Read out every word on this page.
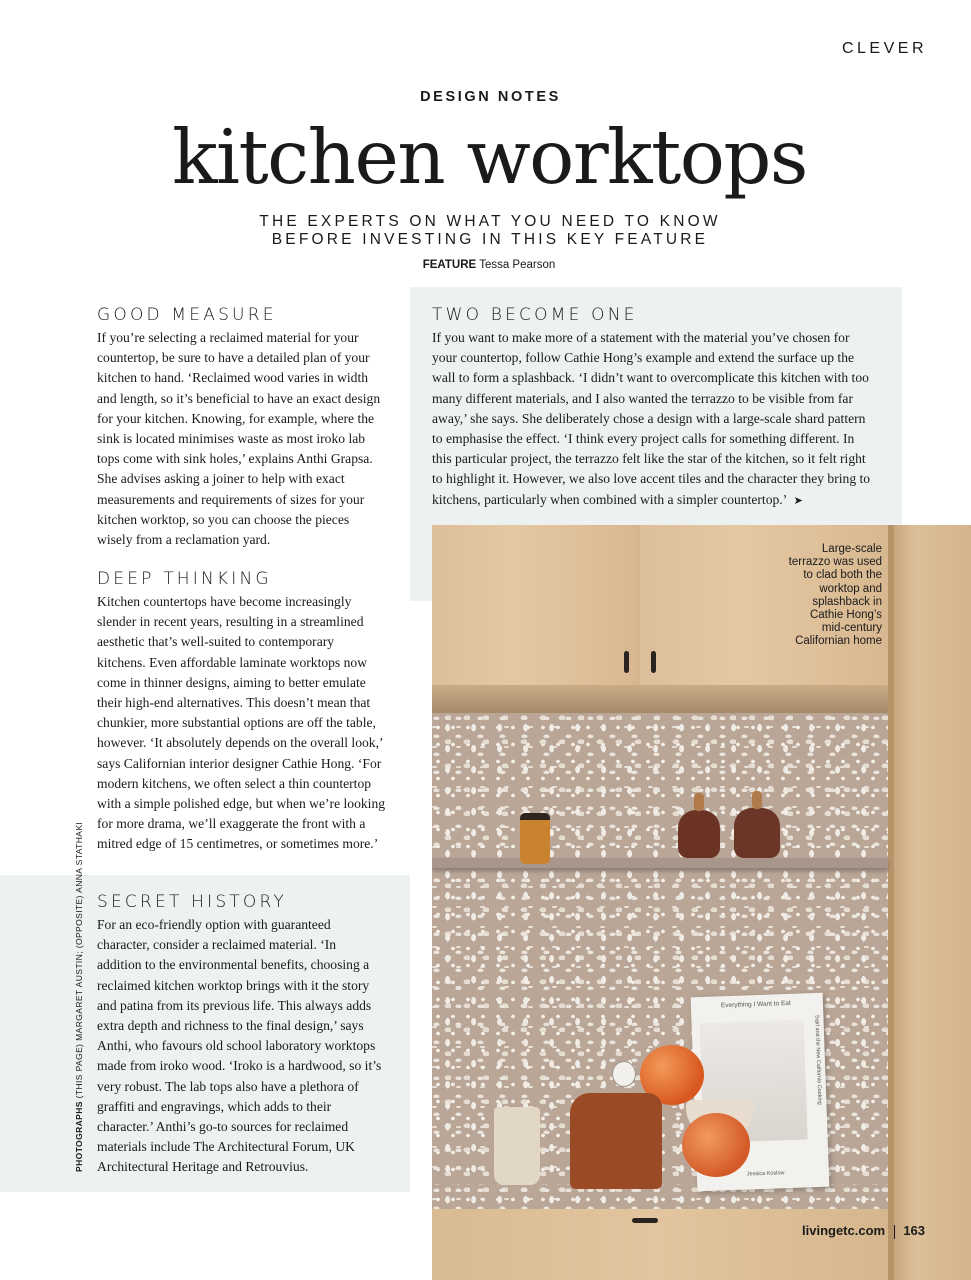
CLEVER
DESIGN NOTES
kitchen worktops
THE EXPERTS ON WHAT YOU NEED TO KNOW
BEFORE INVESTING IN THIS KEY FEATURE
FEATURE Tessa Pearson
GOOD MEASURE
If you’re selecting a reclaimed material for your
countertop, be sure to have a detailed plan of your
kitchen to hand. ‘Reclaimed wood varies in width
and length, so it’s beneficial to have an exact design
for your kitchen. Knowing, for example, where the
sink is located minimises waste as most iroko lab
tops come with sink holes,’ explains Anthi Grapsa.
She advises asking a joiner to help with exact
measurements and requirements of sizes for your
kitchen worktop, so you can choose the pieces
wisely from a reclamation yard.
DEEP THINKING
Kitchen countertops have become increasingly
slender in recent years, resulting in a streamlined
aesthetic that’s well-suited to contemporary
kitchens. Even affordable laminate worktops now
come in thinner designs, aiming to better emulate
their high-end alternatives. This doesn’t mean that
chunkier, more substantial options are off the table,
however. ‘It absolutely depends on the overall look,’
says Californian interior designer Cathie Hong. ‘For
modern kitchens, we often select a thin countertop
with a simple polished edge, but when we’re looking
for more drama, we’ll exaggerate the front with a
mitred edge of 15 centimetres, or sometimes more.’
SECRET HISTORY
For an eco-friendly option with guaranteed
character, consider a reclaimed material. ‘In
addition to the environmental benefits, choosing a
reclaimed kitchen worktop brings with it the story
and patina from its previous life. This always adds
extra depth and richness to the final design,’ says
Anthi, who favours old school laboratory worktops
made from iroko wood. ‘Iroko is a hardwood, so it’s
very robust. The lab tops also have a plethora of
graffiti and engravings, which adds to their
character.’ Anthi’s go-to sources for reclaimed
materials include The Architectural Forum, UK
Architectural Heritage and Retrouvius.
TWO BECOME ONE
If you want to make more of a statement with the material you’ve chosen for
your countertop, follow Cathie Hong’s example and extend the surface up the
wall to form a splashback. ‘I didn’t want to overcomplicate this kitchen with too
many different materials, and I also wanted the terrazzo to be visible from far
away,’ she says. She deliberately chose a design with a large-scale shard pattern
to emphasise the effect. ‘I think every project calls for something different. In
this particular project, the terrazzo felt like the star of the kitchen, so it felt right
to highlight it. However, we also love accent tiles and the character they bring to
kitchens, particularly when combined with a simpler countertop.’ ➤
Everything I Want to Eat
Sqirl and the New California Cooking
Jessica Koslow
Large-scale
terrazzo was used
to clad both the
worktop and
splashback in
Cathie Hong’s
mid-century
Californian home
livingetc.com 163
PHOTOGRAPHS (THIS PAGE) MARGARET AUSTIN; (OPPOSITE) ANNA STATHAKI
